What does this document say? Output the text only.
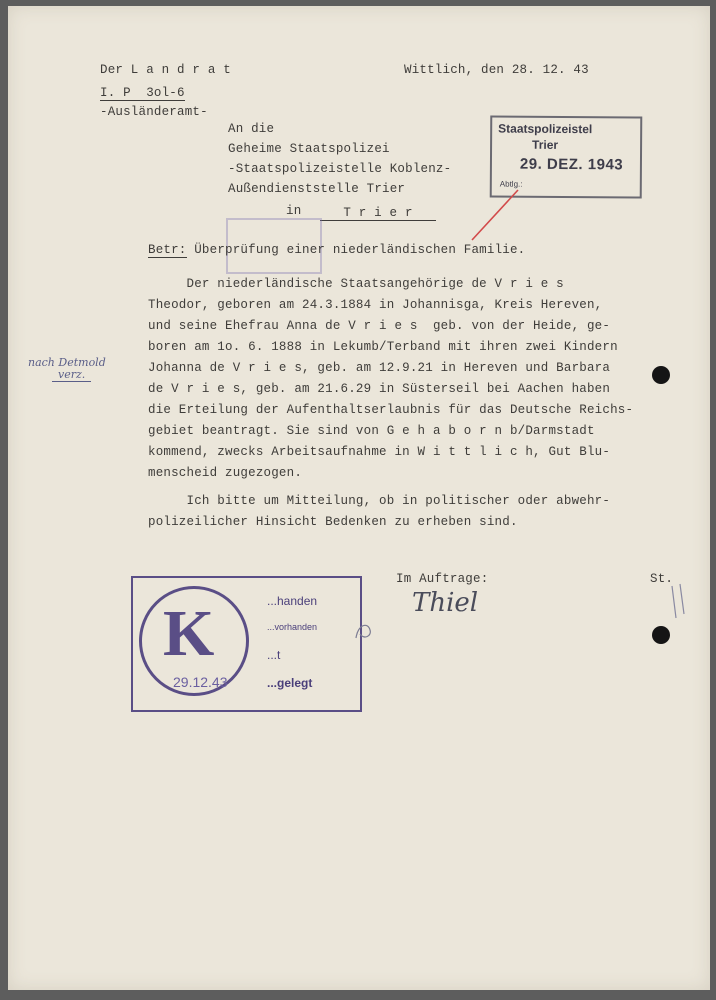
Der L a n d r a t
I. P  3ol-6
-Ausländeramt-
Wittlich, den 28. 12. 43
An die
Geheime Staatspolizei
-Staatspolizeistelle Koblenz-
Außendienststelle Trier
in	T r i e r
Staatspolizeistel
Trier
29. DEZ. 1943
Abtlg.:
Betr: Überprüfung einer niederländischen Familie.
Der niederländische Staatsangehörige de V r i e s
Theodor, geboren am 24.3.1884 in Johannisga, Kreis Hereven,
und seine Ehefrau Anna de V r i e s  geb. von der Heide, ge-
boren am 1o. 6. 1888 in Lekumb/Terband mit ihren zwei Kindern
Johanna de V r i e s, geb. am 12.9.21 in Hereven und Barbara
de V r i e s, geb. am 21.6.29 in Süsterseil bei Aachen haben
die Erteilung der Aufenthaltserlaubnis für das Deutsche Reichs-
gebiet beantragt. Sie sind von G e h a b o r n b/Darmstadt
kommend, zwecks Arbeitsaufnahme in W i t t l i c h, Gut Blu-
menscheid zugezogen.
Ich bitte um Mitteilung, ob in politischer oder abwehr-
polizeilicher Hinsicht Bedenken zu erheben sind.
nach Detmold
verz.
Im Auftrage:	St.
Thiel
K
29.12.43
...handen
...vorhanden
...t
...gelegt
